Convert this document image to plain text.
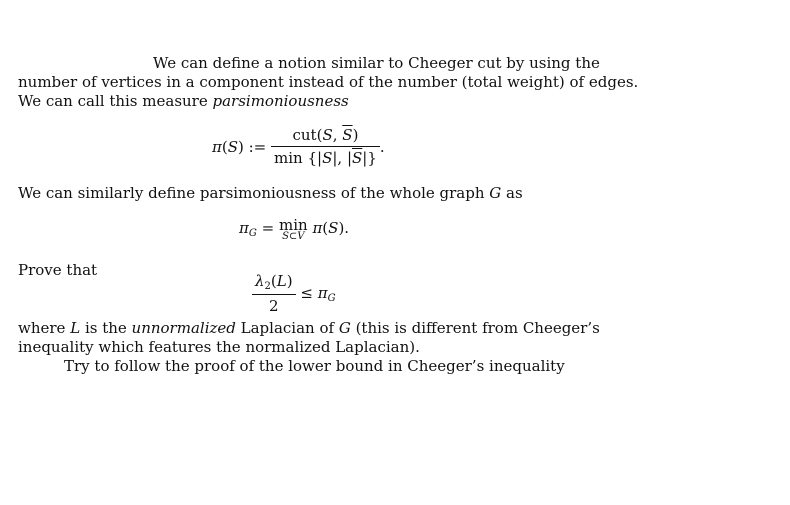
We can define a notion similar to Cheeger cut by using the
number of vertices in a component instead of the number (total weight) of edges.
We can call this measure parsimoniousness
π(S) := $\frac{cut(S, \overline{S})}{\min \{|S|, |\overline{S}|\}}$ .
We can similarly define parsimoniousness of the whole graph G as
$\pi_G = \min$
S⊂V π(S).
Prove that
$\frac{\lambda_2(L)}{2} \le \pi_G$
where L is the unnormalized Laplacian of G (this is different from Cheeger’s
inequality which features the normalized Laplacian).
Try to follow the proof of the lower bound in Cheeger’s inequality
